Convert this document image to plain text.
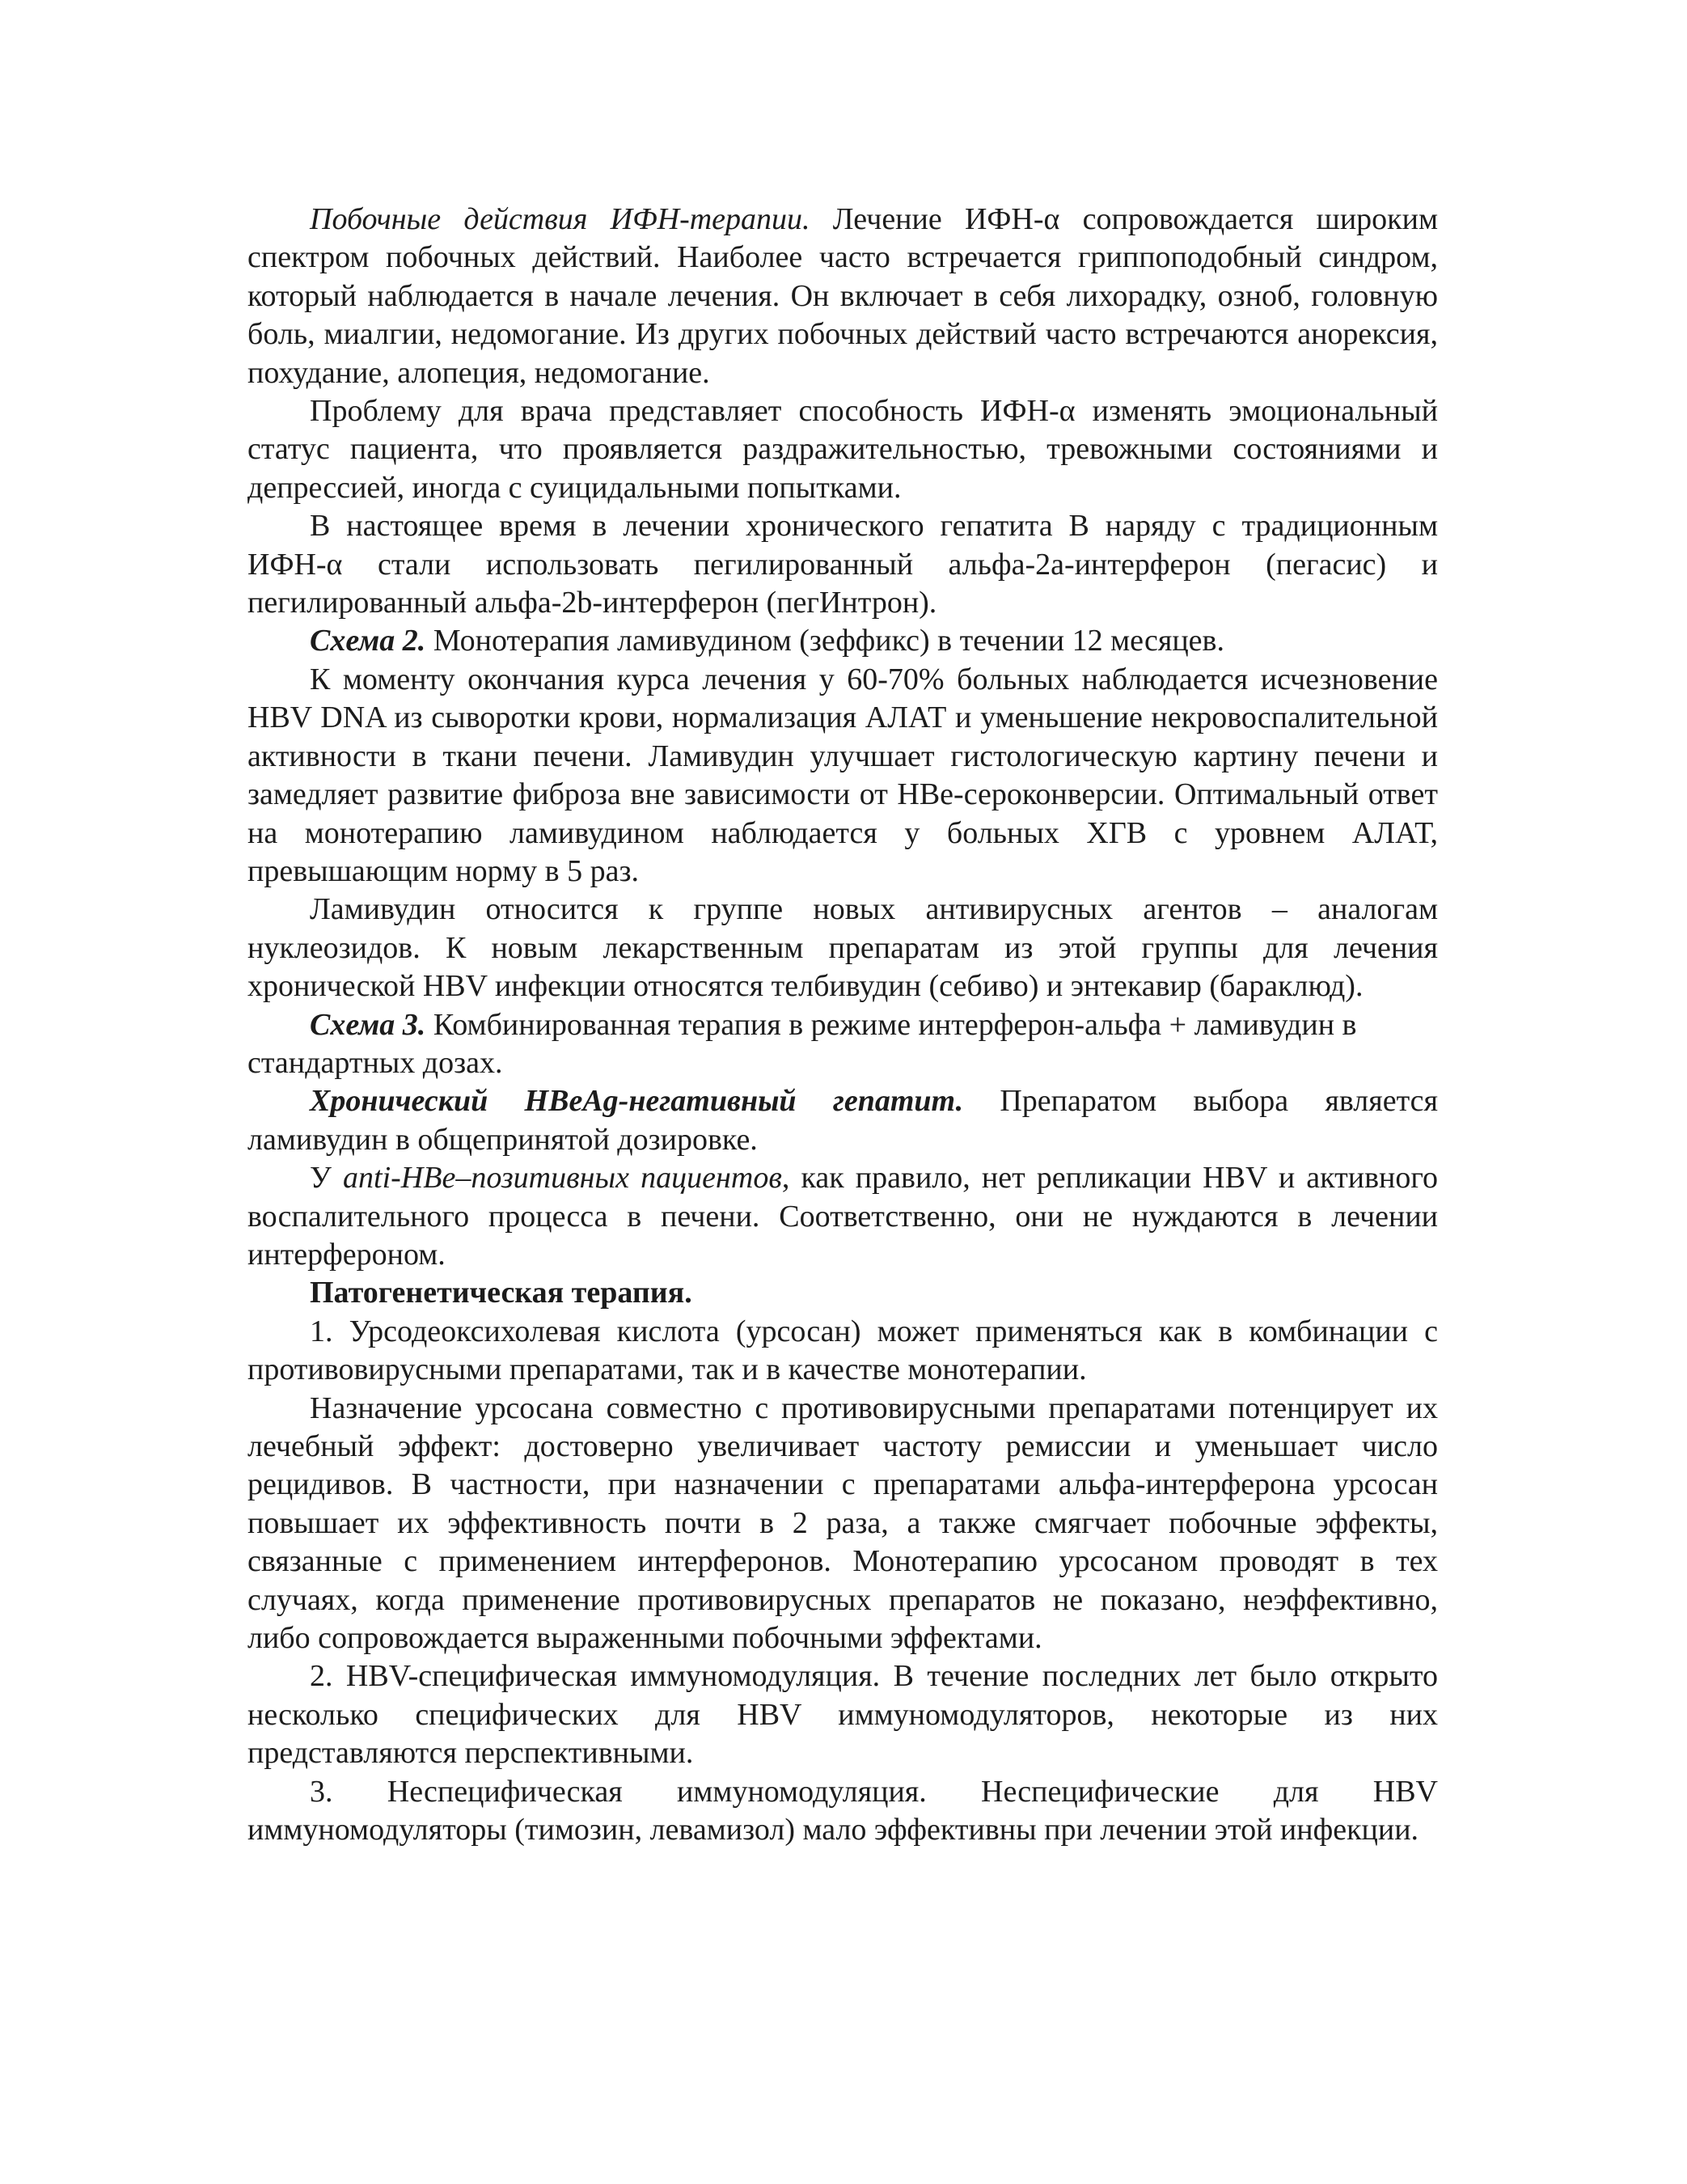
Побочные действия ИФН-терапии. Лечение ИФН-α сопровождается широким спектром побочных действий. Наиболее часто встречается гриппоподобный синдром, который наблюдается в начале лечения. Он включает в себя лихорадку, озноб, головную боль, миалгии, недомогание. Из других побочных действий часто встречаются анорексия, похудание, алопеция, недомогание.

Проблему для врача представляет способность ИФН-α изменять эмоциональный статус пациента, что проявляется раздражительностью, тревожными состояниями и депрессией, иногда с суицидальными попытками.

В настоящее время в лечении хронического гепатита В наряду с традиционным ИФН-α стали использовать пегилированный альфа-2а-интерферон (пегасис) и пегилированный альфа-2b-интерферон (пегИнтрон).

Схема 2. Монотерапия ламивудином (зеффикс) в течении 12 месяцев.

К моменту окончания курса лечения у 60-70% больных наблюдается исчезновение HBV DNA из сыворотки крови, нормализация АЛАТ и уменьшение некровоспалительной активности в ткани печени. Ламивудин улучшает гистологическую картину печени и замедляет развитие фиброза вне зависимости от HBe-сероконверсии. Оптимальный ответ на монотерапию ламивудином наблюдается у больных ХГВ с уровнем АЛАТ, превышающим норму в 5 раз.

Ламивудин относится к группе новых антивирусных агентов – аналогам нуклеозидов. К новым лекарственным препаратам из этой группы для лечения хронической HBV инфекции относятся телбивудин (себиво) и энтекавир (бараклюд).

Схема 3. Комбинированная терапия в режиме интерферон-альфа + ламивудин в стандартных дозах.

Хронический HBeAg-негативный гепатит. Препаратом выбора является ламивудин в общепринятой дозировке.

У anti-HBe–позитивных пациентов, как правило, нет репликации HBV и активного воспалительного процесса в печени. Соответственно, они не нуждаются в лечении интерфероном.

Патогенетическая терапия.

1. Урсодеоксихолевая кислота (урсосан) может применяться как в комбинации с противовирусными препаратами, так и в качестве монотерапии.

Назначение урсосана совместно с противовирусными препаратами потенцирует их лечебный эффект: достоверно увеличивает частоту ремиссии и уменьшает число рецидивов. В частности, при назначении с препаратами альфа-интерферона урсосан повышает их эффективность почти в 2 раза, а также смягчает побочные эффекты, связанные с применением интерферонов. Монотерапию урсосаном проводят в тех случаях, когда применение противовирусных препаратов не показано, неэффективно, либо сопровождается выраженными побочными эффектами.

2. HBV-специфическая иммуномодуляция. В течение последних лет было открыто несколько специфических для HBV иммуномодуляторов, некоторые из них представляются перспективными.

3. Неспецифическая иммуномодуляция. Неспецифические для HBV иммуномодуляторы (тимозин, левамизол) мало эффективны при лечении этой инфекции.
